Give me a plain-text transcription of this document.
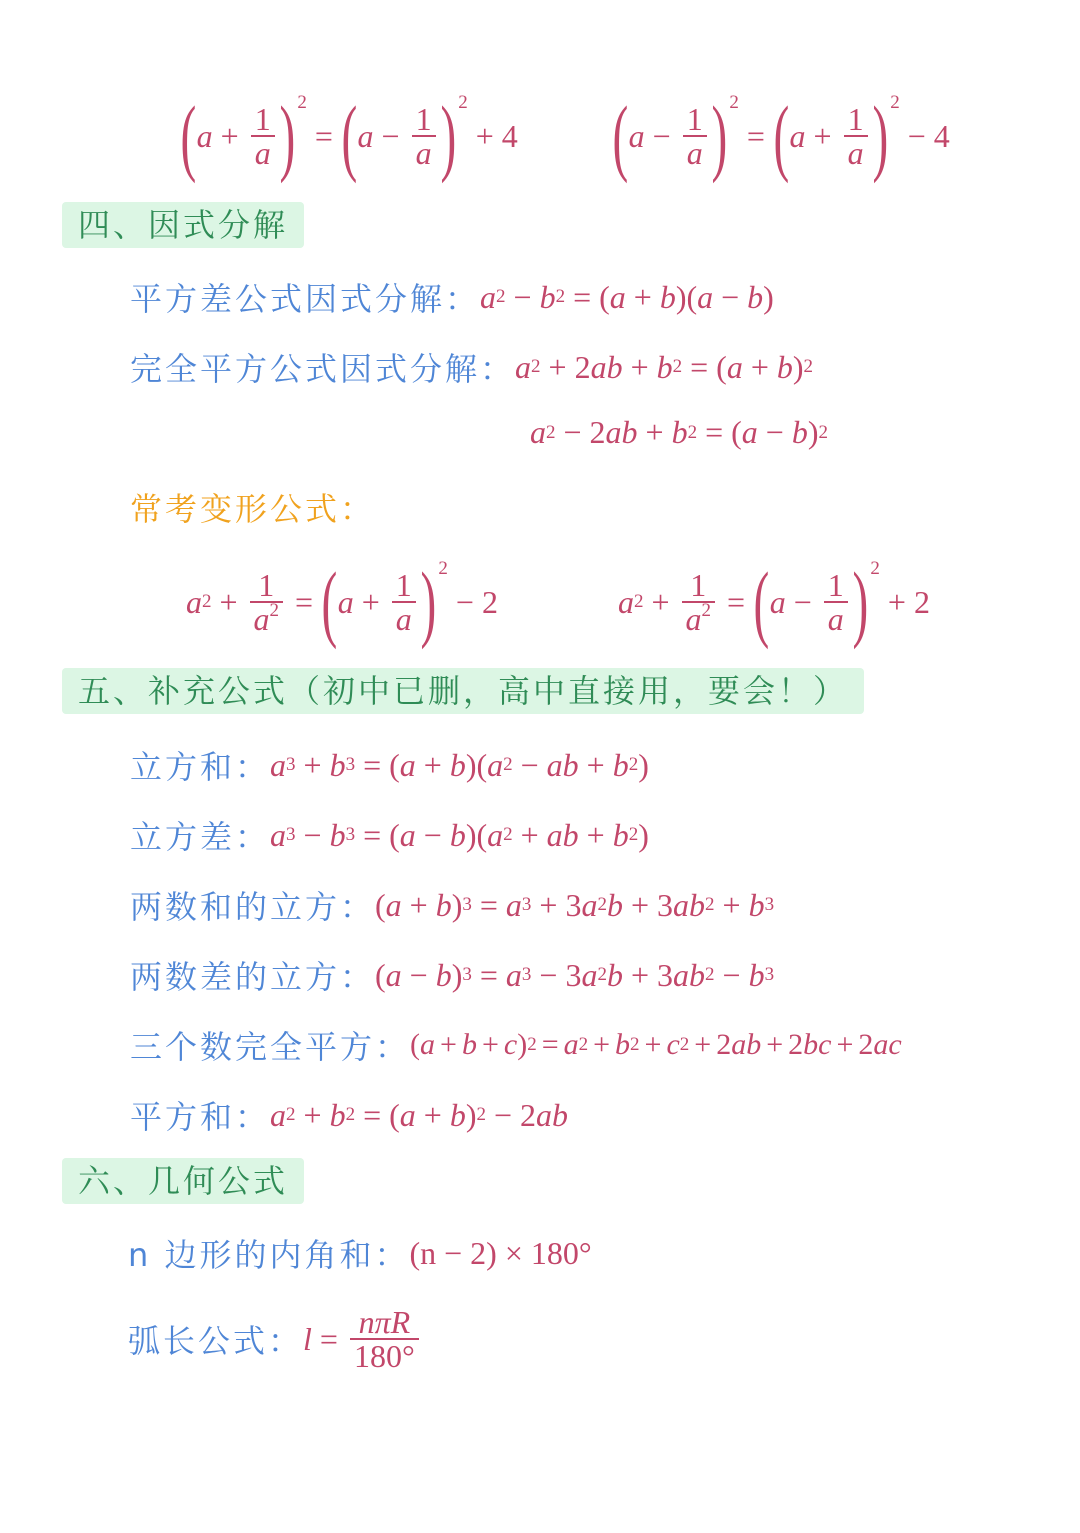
( $a + \frac{1}{a}$ ) 2
= ( $a - \frac{1}{a}$ ) 2
+ 4 ( $a - \frac{1}{a}$ ) 2
= ( $a + \frac{1}{a}$ ) 2
− 4
四、因式分解
平方差公式因式分解： a 2 − b 2 = ( a + b )( a − b )
完全平方公式因式分解： a 2 + 2 ab + b 2 = ( a + b ) 2
a 2 − 2 ab + b 2 = ( a − b ) 2
常考变形公式：
a $2 + \frac{1}{a^2}$ = ( $a + \frac{1}{a}$ ) 2
− 2	a $2 + \frac{1}{a^2}$ = ( $a - \frac{1}{a}$ ) 2
+ 2
五、补充公式（初中已删，高中直接用，要会！）
立方和： a 3 + b 3 = ( a + b )( a 2 − ab + b 2 )
立方差： a 3 − b 3 = ( a − b )( a 2 + ab + b 2 )
两数和的立方： ( a + b ) 3 = a 3 + 3 a 2 b + 3 ab 2 + b 3
两数差的立方： ( a − b ) 3 = a 3 − 3 a 2 b + 3 ab 2 − b 3
三个数完全平方： ( a + b + c ) 2 = a 2 + b 2 + c 2 + 2 ab + 2 bc + 2 ac
平方和： a 2 + b 2 = ( a + b ) 2 − 2 ab
六、几何公式
n 边形的内角和： (n − 2) × 180°
弧长公式： $l = \frac{\text{nπR}}{180^\circ}$
